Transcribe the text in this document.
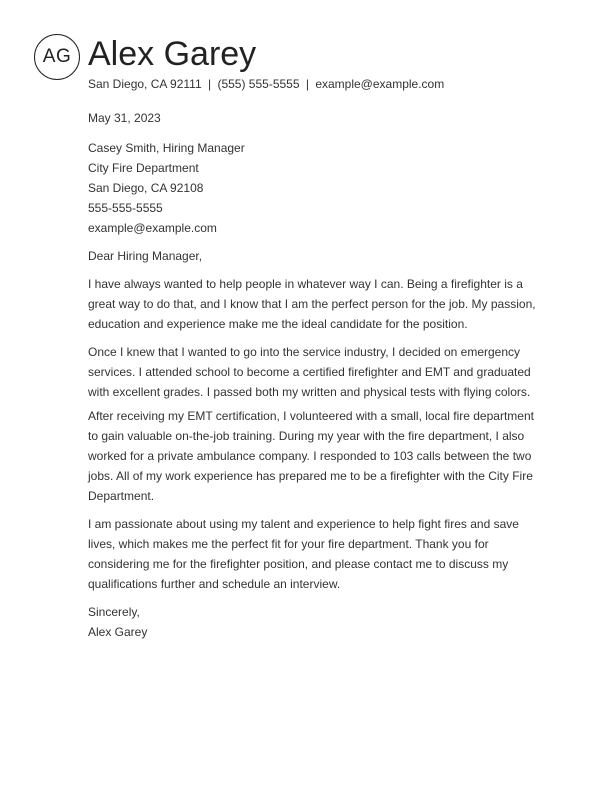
AG Alex Garey
San Diego, CA 92111 | (555) 555-5555 | example@example.com

May 31, 2023

Casey Smith, Hiring Manager
City Fire Department
San Diego, CA 92108
555-555-5555
example@example.com

Dear Hiring Manager,

I have always wanted to help people in whatever way I can. Being a firefighter is a great way to do that, and I know that I am the perfect person for the job. My passion, education and experience make me the ideal candidate for the position.

Once I knew that I wanted to go into the service industry, I decided on emergency services. I attended school to become a certified firefighter and EMT and graduated with excellent grades. I passed both my written and physical tests with flying colors.

After receiving my EMT certification, I volunteered with a small, local fire department to gain valuable on-the-job training. During my year with the fire department, I also worked for a private ambulance company. I responded to 103 calls between the two jobs. All of my work experience has prepared me to be a firefighter with the City Fire Department.

I am passionate about using my talent and experience to help fight fires and save lives, which makes me the perfect fit for your fire department. Thank you for considering me for the firefighter position, and please contact me to discuss my qualifications further and schedule an interview.

Sincerely,
Alex Garey
